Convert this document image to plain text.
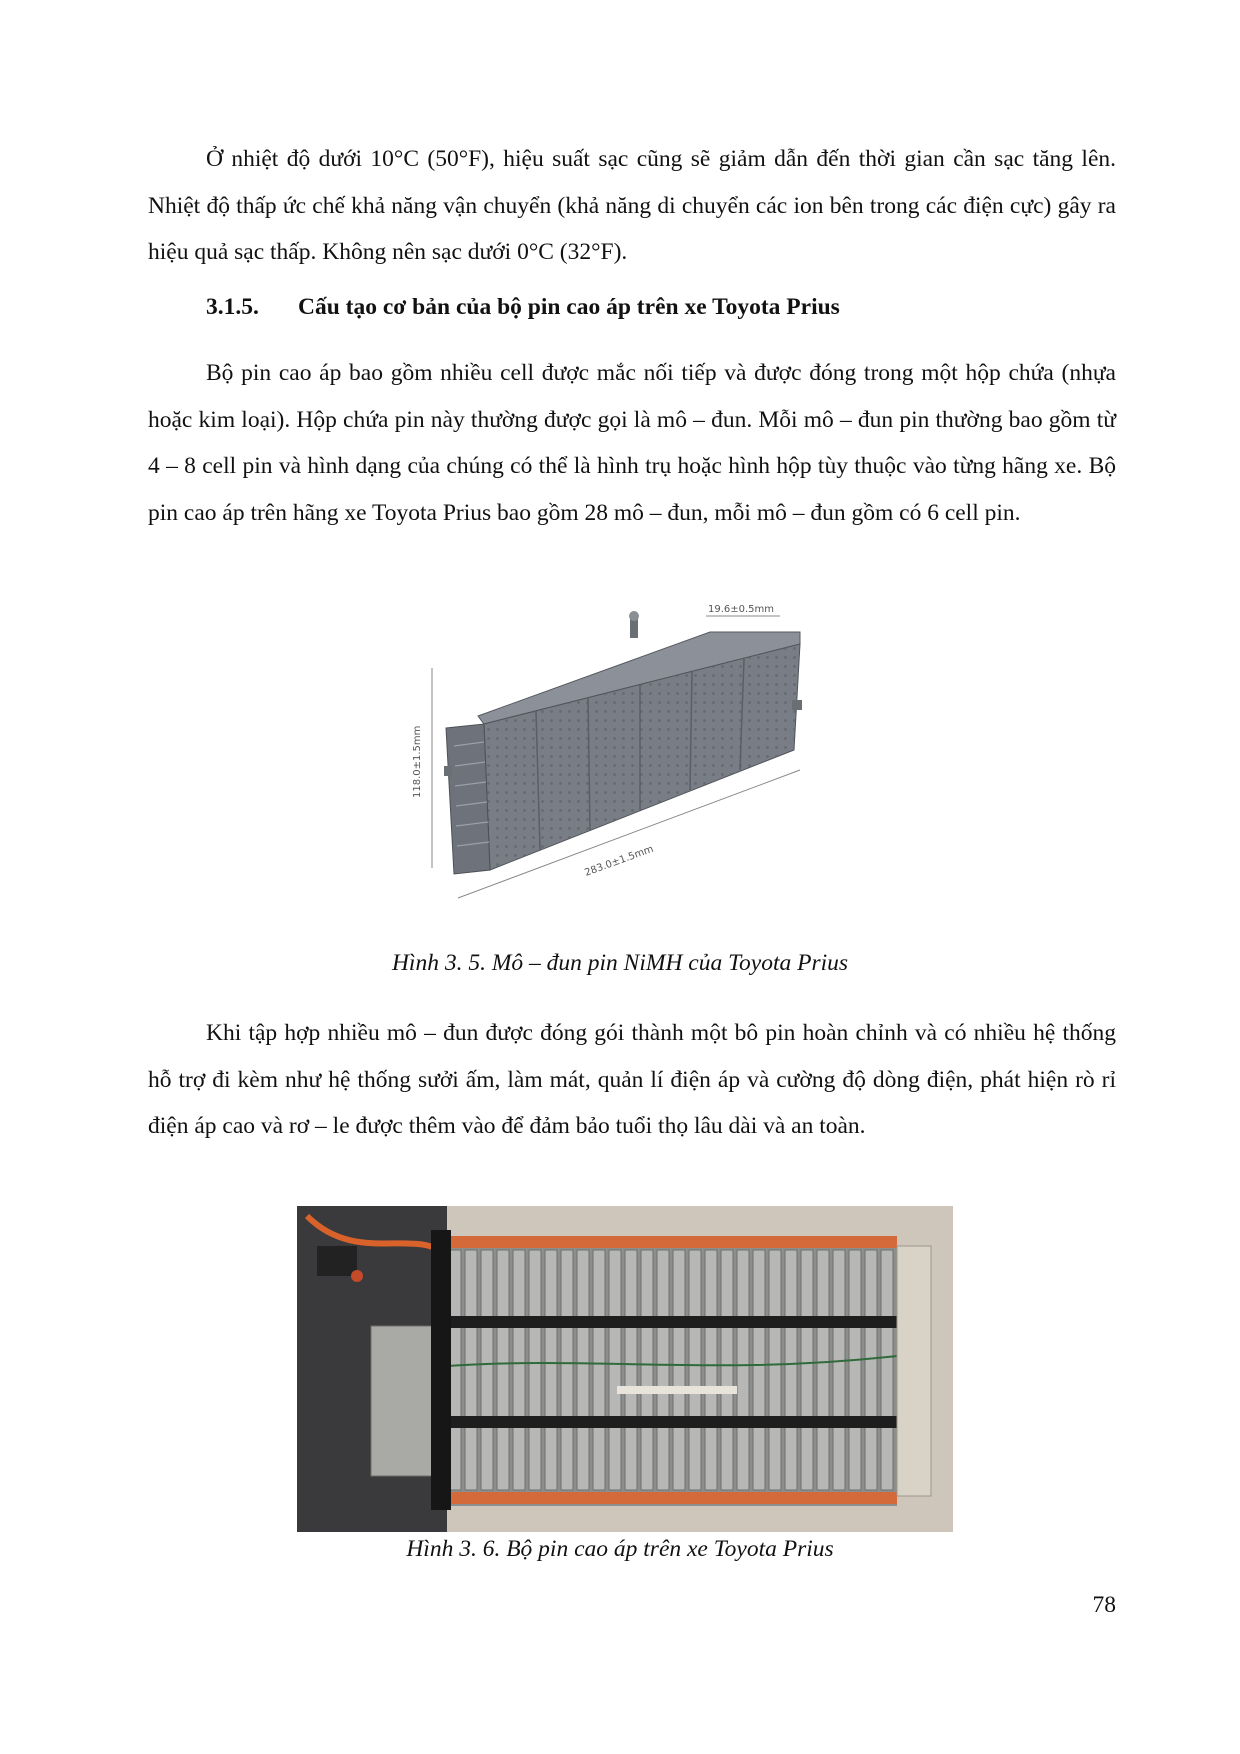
Ở nhiệt độ dưới 10°C (50°F), hiệu suất sạc cũng sẽ giảm dẫn đến thời gian cần sạc tăng lên. Nhiệt độ thấp ức chế khả năng vận chuyển (khả năng di chuyển các ion bên trong các điện cực) gây ra hiệu quả sạc thấp. Không nên sạc dưới 0°C (32°F).

3.1.5. Cấu tạo cơ bản của bộ pin cao áp trên xe Toyota Prius

Bộ pin cao áp bao gồm nhiều cell được mắc nối tiếp và được đóng trong một hộp chứa (nhựa hoặc kim loại). Hộp chứa pin này thường được gọi là mô – đun. Mỗi mô – đun pin thường bao gồm từ 4 – 8 cell pin và hình dạng của chúng có thể là hình trụ hoặc hình hộp tùy thuộc vào từng hãng xe. Bộ pin cao áp trên hãng xe Toyota Prius bao gồm 28 mô – đun, mỗi mô – đun gồm có 6 cell pin.

19.6±0.5mm
118.0±1.5mm
283.0±1.5mm

Hình 3. 5. Mô – đun pin NiMH của Toyota Prius

Khi tập hợp nhiều mô – đun được đóng gói thành một bô pin hoàn chỉnh và có nhiều hệ thống hỗ trợ đi kèm như hệ thống sưởi ấm, làm mát, quản lí điện áp và cường độ dòng điện, phát hiện rò rỉ điện áp cao và rơ – le được thêm vào để đảm bảo tuổi thọ lâu dài và an toàn.

Hình 3. 6. Bộ pin cao áp trên xe Toyota Prius

78
